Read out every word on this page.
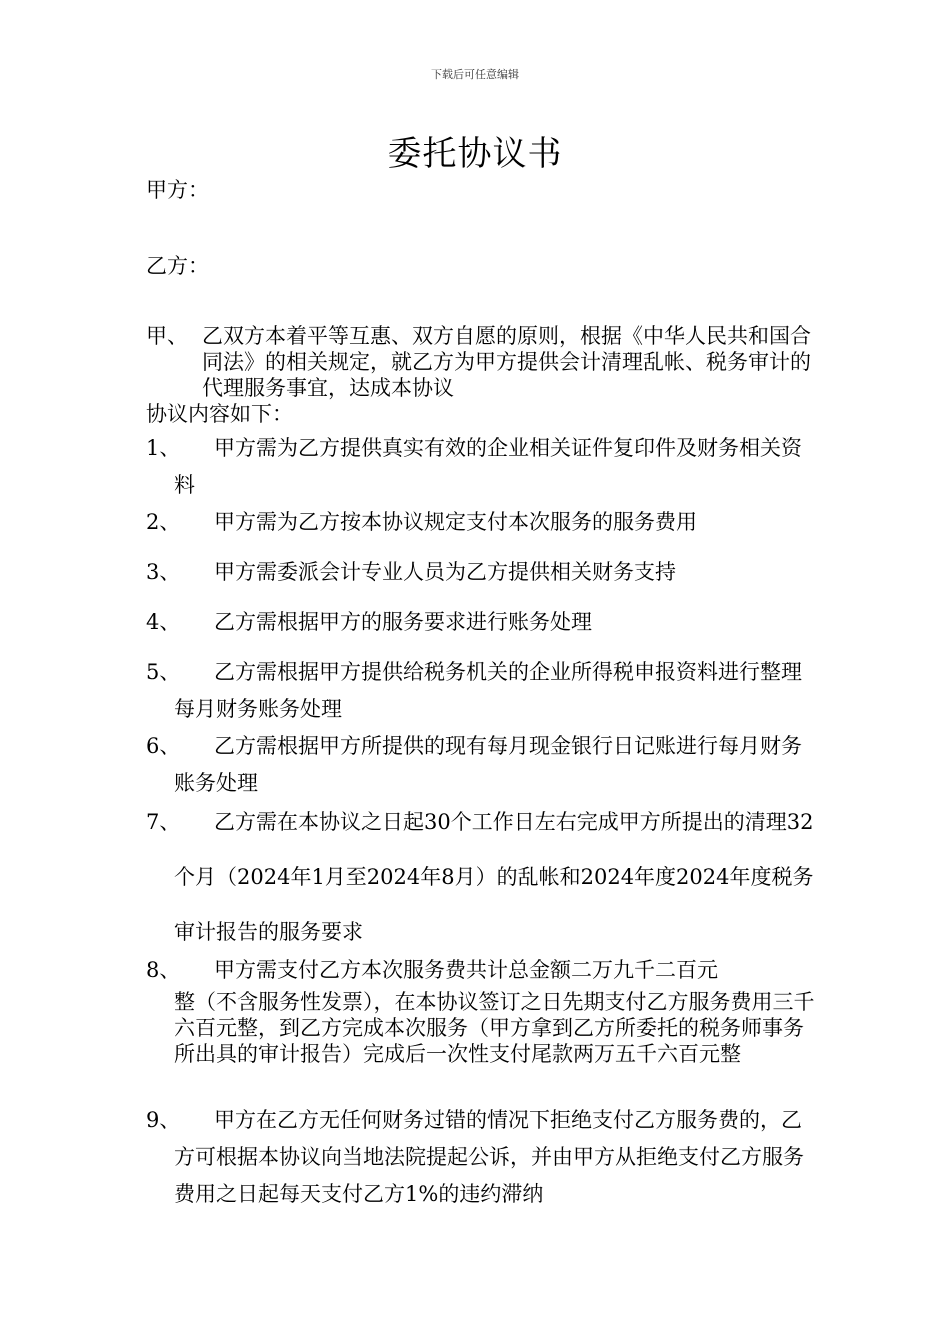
下载后可任意编辑
委托协议书
甲方：
乙方：
甲、 乙双方本着平等互惠、双方自愿的原则，根据《中华人民共和国合同法》的相关规定，就乙方为甲方提供会计清理乱帐、税务审计的代理服务事宜，达成本协议
协议内容如下：
1、	甲方需为乙方提供真实有效的企业相关证件复印件及财务相关资料
2、	甲方需为乙方按本协议规定支付本次服务的服务费用
3、	甲方需委派会计专业人员为乙方提供相关财务支持
4、	乙方需根据甲方的服务要求进行账务处理
5、	乙方需根据甲方提供给税务机关的企业所得税申报资料进行整理每月财务账务处理
6、	乙方需根据甲方所提供的现有每月现金银行日记账进行每月财务账务处理
7、	乙方需在本协议之日起30个工作日左右完成甲方所提出的清理32个月（2024年1月至2024年8月）的乱帐和2024年度2024年度税务审计报告的服务要求
8、	甲方需支付乙方本次服务费共计总金额二万九千二百元
整（不含服务性发票），在本协议签订之日先期支付乙方服务费用三千六百元整，到乙方完成本次服务（甲方拿到乙方所委托的税务师事务所出具的审计报告）完成后一次性支付尾款两万五千六百元整
9、	甲方在乙方无任何财务过错的情况下拒绝支付乙方服务费的，乙方可根据本协议向当地法院提起公诉，并由甲方从拒绝支付乙方服务费用之日起每天支付乙方1%的违约滞纳
